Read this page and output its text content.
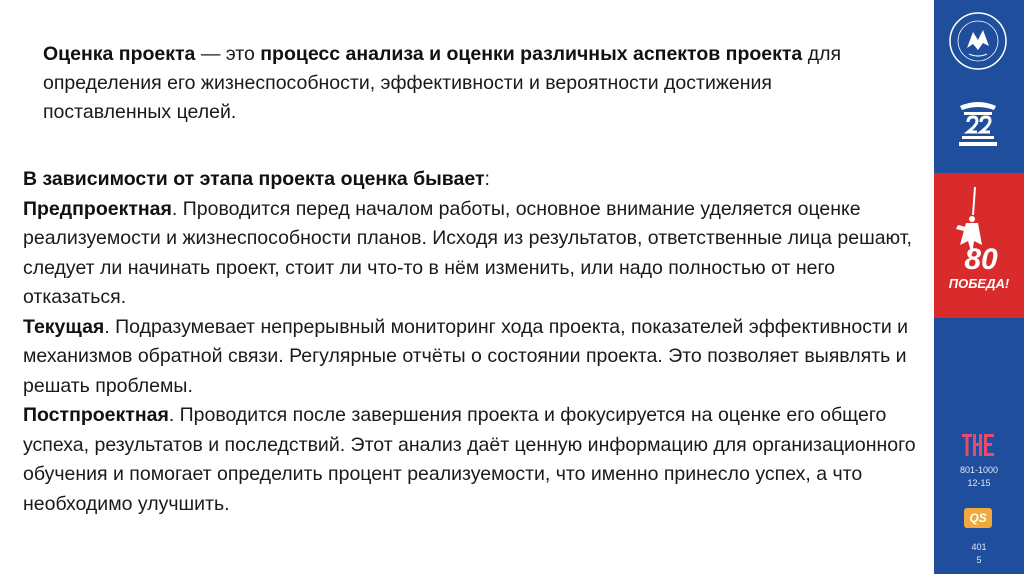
Оценка проекта — это процесс анализа и оценки различных аспектов проекта для определения его жизнеспособности, эффективности и вероятности достижения поставленных целей.

В зависимости от этапа проекта оценка бывает:

Предпроектная. Проводится перед началом работы, основное внимание уделяется оценке реализуемости и жизнеспособности планов. Исходя из результатов, ответственные лица решают, следует ли начинать проект, стоит ли что-то в нём изменить, или надо полностью от него отказаться.

Текущая. Подразумевает непрерывный мониторинг хода проекта, показателей эффективности и механизмов обратной связи. Регулярные отчёты о состоянии проекта. Это позволяет выявлять и решать проблемы.

Постпроектная. Проводится после завершения проекта и фокусируется на оценке его общего успеха, результатов и последствий. Этот анализ даёт ценную информацию для организационного обучения и помогает определить процент реализуемости, что именно принесло успех, а что необходимо улучшить.

80
ПОБЕДА!
801-1000
12-15
QS
401
5
